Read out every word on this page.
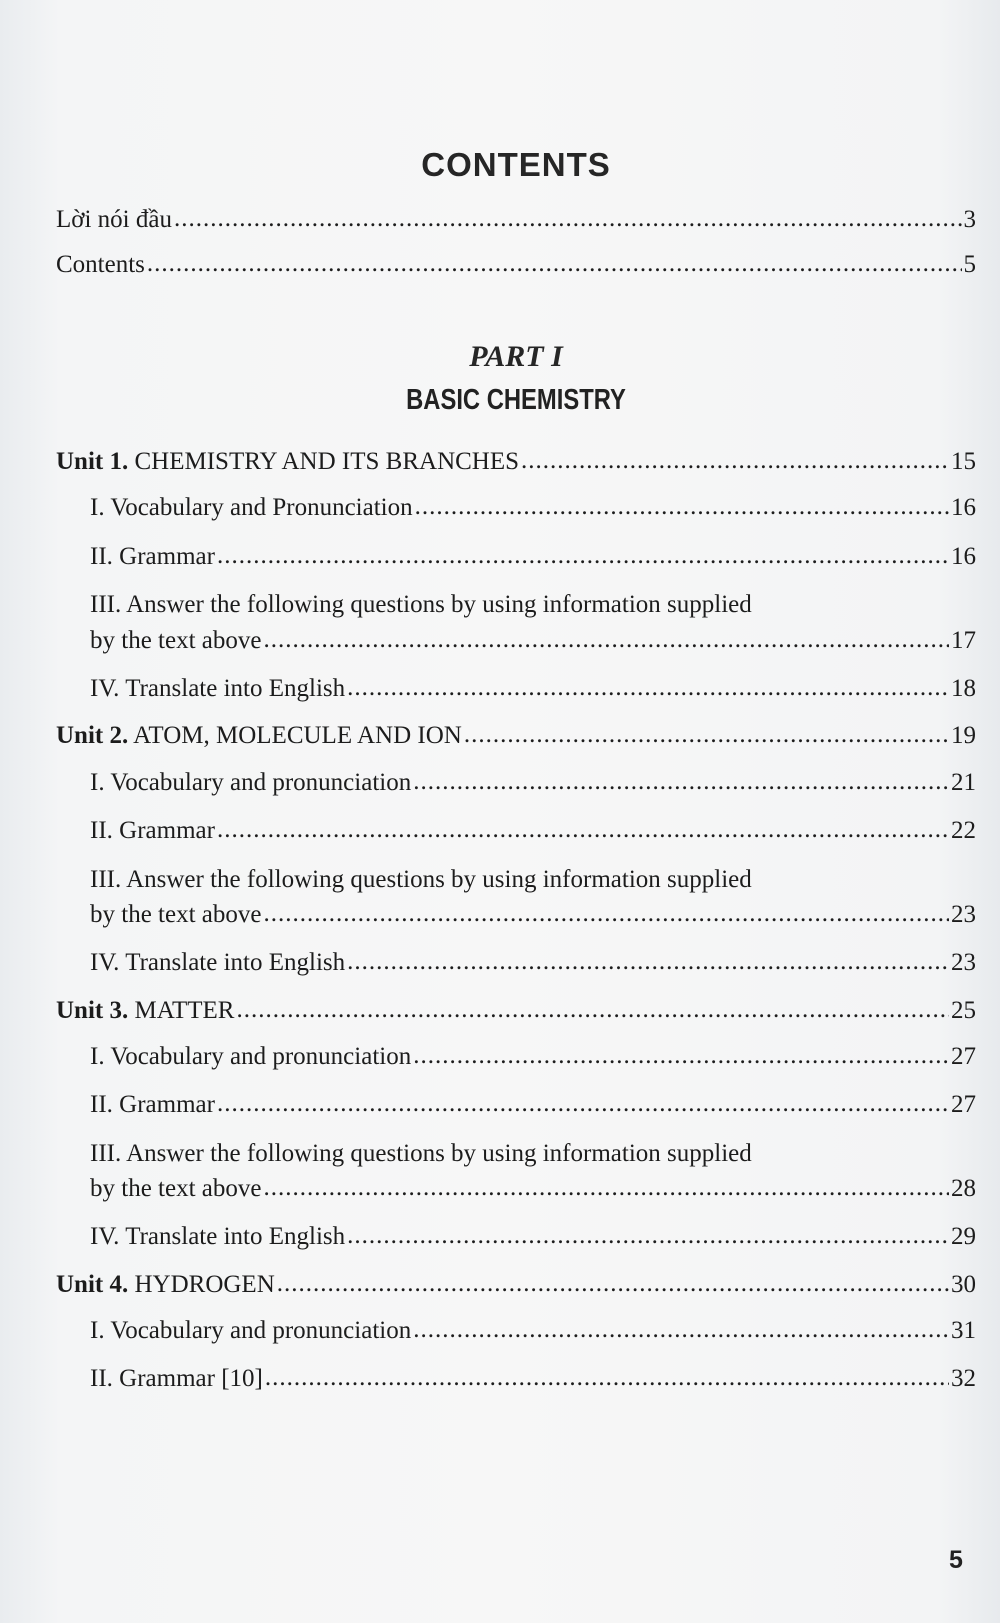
CONTENTS
Lời nói đầu .....	3
Contents .....	5
PART I
BASIC CHEMISTRY
Unit 1. CHEMISTRY AND ITS BRANCHES .....	15
I. Vocabulary and Pronunciation .....	16
II. Grammar .....	16
III. Answer the following questions by using information supplied
by the text above .....	17
IV. Translate into English .....	18
Unit 2. ATOM, MOLECULE AND ION .....	19
I. Vocabulary and pronunciation .....	21
II. Grammar .....	22
III. Answer the following questions by using information supplied
by the text above .....	23
IV. Translate into English .....	23
Unit 3. MATTER .....	25
I. Vocabulary and pronunciation .....	27
II. Grammar .....	27
III. Answer the following questions by using information supplied
by the text above .....	28
IV. Translate into English .....	29
Unit 4. HYDROGEN .....	30
I. Vocabulary and pronunciation .....	31
II. Grammar [10] .....	32
5
